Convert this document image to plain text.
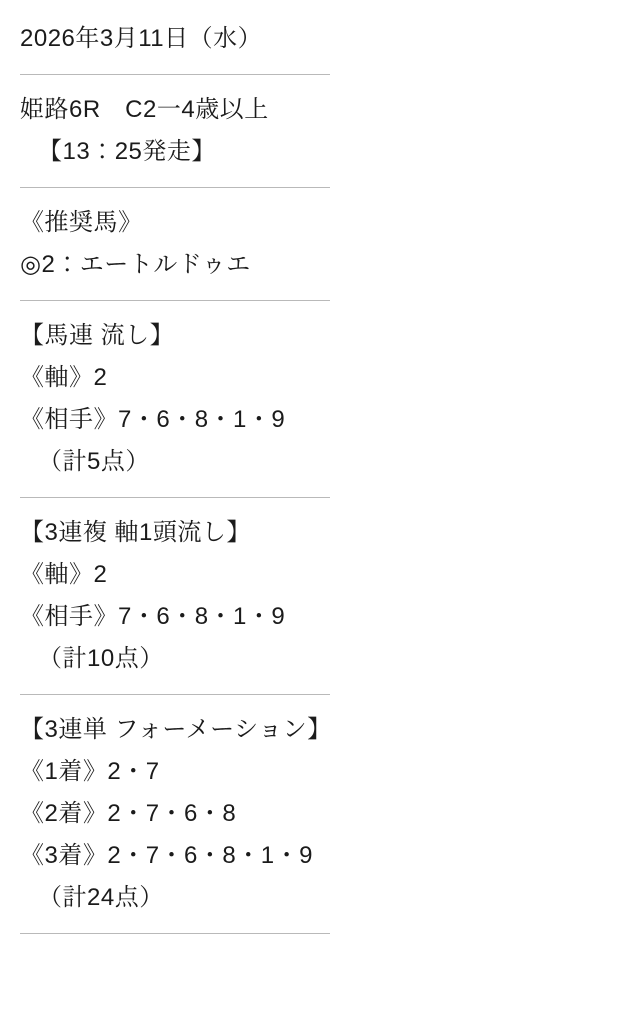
2026年3月11日（水）
姫路6R　C2一4歳以上
【13：25発走】
《推奨馬》
◎2：エートルドゥエ
【馬連 流し】
《軸》2
《相手》7・6・8・1・9
（計5点）
【3連複 軸1頭流し】
《軸》2
《相手》7・6・8・1・9
（計10点）
【3連単 フォーメーション】
《1着》2・7
《2着》2・7・6・8
《3着》2・7・6・8・1・9
（計24点）
